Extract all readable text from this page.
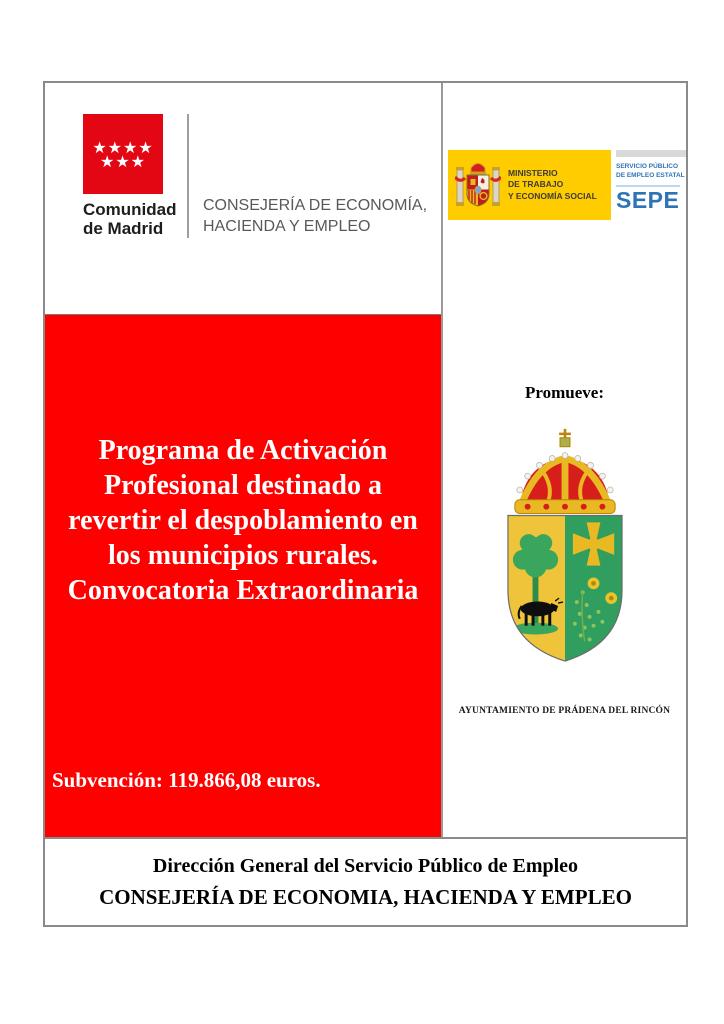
★★★★
★★★
Comunidad
de Madrid
CONSEJERÍA DE ECONOMÍA,
HACIENDA Y EMPLEO
Programa de Activación
Profesional destinado a
revertir el despoblamiento en
los municipios rurales.
Convocatoria Extraordinaria
Subvención: 119.866,08 euros.
MINISTERIO
DE TRABAJO
Y ECONOMÍA SOCIAL
SERVICIO PÚBLICO
DE EMPLEO ESTATAL
SEPE
Promueve:
AYUNTAMIENTO DE PRÁDENA DEL RINCÓN
Dirección General del Servicio Público de Empleo
CONSEJERÍA DE ECONOMIA, HACIENDA Y EMPLEO
